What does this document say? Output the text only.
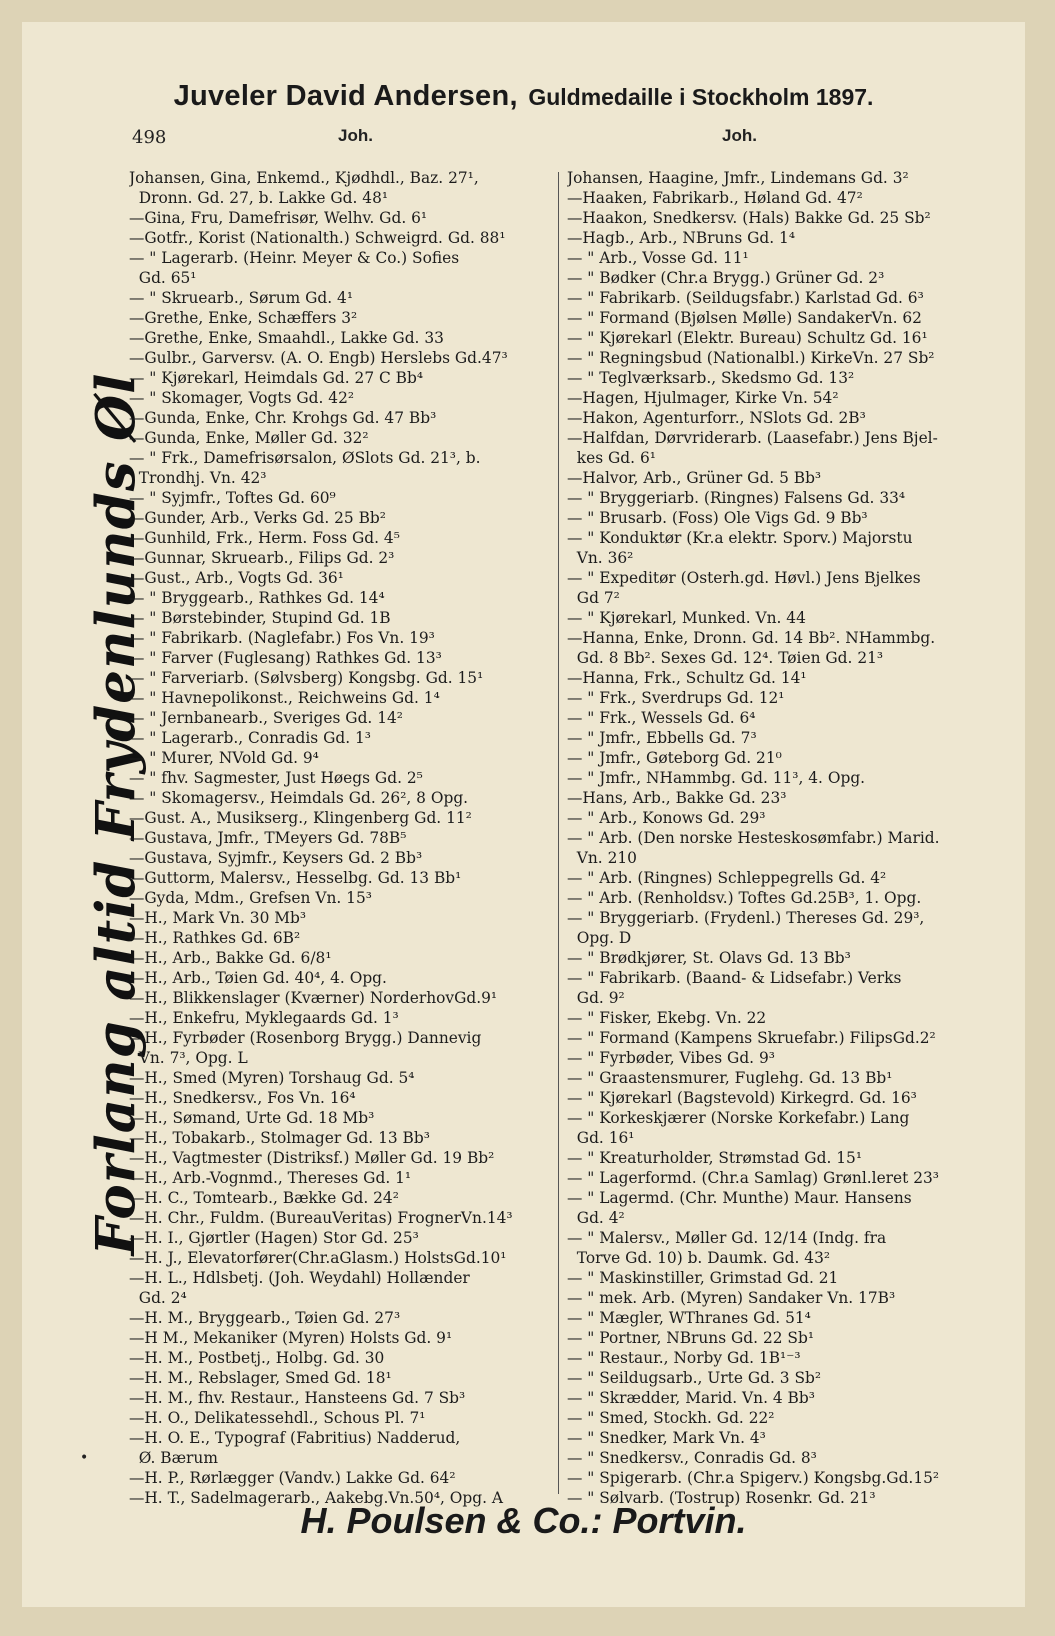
Juveler David Andersen, Guldmedaille i Stockholm 1897.
498	Joh.	Joh.
Forlang altid Frydenlunds Øl
Johansen, Gina, Enkemd., Kjødhdl., Baz. 27¹,
Dronn. Gd. 27, b. Lakke Gd. 48¹
—Gina, Fru, Damefrisør, Welhv. Gd. 6¹
—Gotfr., Korist (Nationalth.) Schweigrd. Gd. 88¹
— " Lagerarb. (Heinr. Meyer & Co.) Sofies
Gd. 65¹
— " Skruearb., Sørum Gd. 4¹
—Grethe, Enke, Schæffers 3²
—Grethe, Enke, Smaahdl., Lakke Gd. 33
—Gulbr., Garversv. (A. O. Engb) Herslebs Gd.47³
— " Kjørekarl, Heimdals Gd. 27 C Bb⁴
— " Skomager, Vogts Gd. 42²
—Gunda, Enke, Chr. Krohgs Gd. 47 Bb³
—Gunda, Enke, Møller Gd. 32²
— " Frk., Damefrisørsalon, ØSlots Gd. 21³, b.
Trondhj. Vn. 42³
— " Syjmfr., Toftes Gd. 60⁹
—Gunder, Arb., Verks Gd. 25 Bb²
—Gunhild, Frk., Herm. Foss Gd. 4⁵
—Gunnar, Skruearb., Filips Gd. 2³
—Gust., Arb., Vogts Gd. 36¹
— " Bryggearb., Rathkes Gd. 14⁴
— " Børstebinder, Stupind Gd. 1B
— " Fabrikarb. (Naglefabr.) Fos Vn. 19³
— " Farver (Fuglesang) Rathkes Gd. 13³
— " Farveriarb. (Sølvsberg) Kongsbg. Gd. 15¹
— " Havnepolikonst., Reichweins Gd. 1⁴
— " Jernbanearb., Sveriges Gd. 14²
— " Lagerarb., Conradis Gd. 1³
— " Murer, NVold Gd. 9⁴
— " fhv. Sagmester, Just Høegs Gd. 2⁵
— " Skomagersv., Heimdals Gd. 26², 8 Opg.
—Gust. A., Musikserg., Klingenberg Gd. 11²
—Gustava, Jmfr., TMeyers Gd. 78B⁵
—Gustava, Syjmfr., Keysers Gd. 2 Bb³
—Guttorm, Malersv., Hesselbg. Gd. 13 Bb¹
—Gyda, Mdm., Grefsen Vn. 15³
—H., Mark Vn. 30 Mb³
—H., Rathkes Gd. 6B²
—H., Arb., Bakke Gd. 6/8¹
—H., Arb., Tøien Gd. 40⁴, 4. Opg.
—H., Blikkenslager (Kværner) NorderhovGd.9¹
—H., Enkefru, Myklegaards Gd. 1³
—H., Fyrbøder (Rosenborg Brygg.) Dannevig
Vn. 7³, Opg. L
—H., Smed (Myren) Torshaug Gd. 5⁴
—H., Snedkersv., Fos Vn. 16⁴
—H., Sømand, Urte Gd. 18 Mb³
—H., Tobakarb., Stolmager Gd. 13 Bb³
—H., Vagtmester (Distriksf.) Møller Gd. 19 Bb²
—H., Arb.-Vognmd., Thereses Gd. 1¹
—H. C., Tomtearb., Bække Gd. 24²
—H. Chr., Fuldm. (BureauVeritas) FrognerVn.14³
—H. I., Gjørtler (Hagen) Stor Gd. 25³
—H. J., Elevatorfører(Chr.aGlasm.) HolstsGd.10¹
—H. L., Hdlsbetj. (Joh. Weydahl) Hollænder
Gd. 2⁴
—H. M., Bryggearb., Tøien Gd. 27³
—H M., Mekaniker (Myren) Holsts Gd. 9¹
—H. M., Postbetj., Holbg. Gd. 30
—H. M., Rebslager, Smed Gd. 18¹
—H. M., fhv. Restaur., Hansteens Gd. 7 Sb³
—H. O., Delikatessehdl., Schous Pl. 7¹
—H. O. E., Typograf (Fabritius) Nadderud,
Ø. Bærum
—H. P., Rørlægger (Vandv.) Lakke Gd. 64²
—H. T., Sadelmagerarb., Aakebg.Vn.50⁴, Opg. A
Johansen, Haagine, Jmfr., Lindemans Gd. 3²
—Haaken, Fabrikarb., Høland Gd. 47²
—Haakon, Snedkersv. (Hals) Bakke Gd. 25 Sb²
—Hagb., Arb., NBruns Gd. 1⁴
— " Arb., Vosse Gd. 11¹
— " Bødker (Chr.a Brygg.) Grüner Gd. 2³
— " Fabrikarb. (Seildugsfabr.) Karlstad Gd. 6³
— " Formand (Bjølsen Mølle) SandakerVn. 62
— " Kjørekarl (Elektr. Bureau) Schultz Gd. 16¹
— " Regningsbud (Nationalbl.) KirkeVn. 27 Sb²
— " Teglværksarb., Skedsmo Gd. 13²
—Hagen, Hjulmager, Kirke Vn. 54²
—Hakon, Agenturforr., NSlots Gd. 2B³
—Halfdan, Dørvriderarb. (Laasefabr.) Jens Bjel-
kes Gd. 6¹
—Halvor, Arb., Grüner Gd. 5 Bb³
— " Bryggeriarb. (Ringnes) Falsens Gd. 33⁴
— " Brusarb. (Foss) Ole Vigs Gd. 9 Bb³
— " Konduktør (Kr.a elektr. Sporv.) Majorstu
Vn. 36²
— " Expeditør (Osterh.gd. Høvl.) Jens Bjelkes
Gd 7²
— " Kjørekarl, Munked. Vn. 44
—Hanna, Enke, Dronn. Gd. 14 Bb². NHammbg.
Gd. 8 Bb². Sexes Gd. 12⁴. Tøien Gd. 21³
—Hanna, Frk., Schultz Gd. 14¹
— " Frk., Sverdrups Gd. 12¹
— " Frk., Wessels Gd. 6⁴
— " Jmfr., Ebbells Gd. 7³
— " Jmfr., Gøteborg Gd. 21⁰
— " Jmfr., NHammbg. Gd. 11³, 4. Opg.
—Hans, Arb., Bakke Gd. 23³
— " Arb., Konows Gd. 29³
— " Arb. (Den norske Hesteskosømfabr.) Marid.
Vn. 210
— " Arb. (Ringnes) Schleppegrells Gd. 4²
— " Arb. (Renholdsv.) Toftes Gd.25B³, 1. Opg.
— " Bryggeriarb. (Frydenl.) Thereses Gd. 29³,
Opg. D
— " Brødkjører, St. Olavs Gd. 13 Bb³
— " Fabrikarb. (Baand- & Lidsefabr.) Verks
Gd. 9²
— " Fisker, Ekebg. Vn. 22
— " Formand (Kampens Skruefabr.) FilipsGd.2²
— " Fyrbøder, Vibes Gd. 9³
— " Graastensmurer, Fuglehg. Gd. 13 Bb¹
— " Kjørekarl (Bagstevold) Kirkegrd. Gd. 16³
— " Korkeskjærer (Norske Korkefabr.) Lang
Gd. 16¹
— " Kreaturholder, Strømstad Gd. 15¹
— " Lagerformd. (Chr.a Samlag) Grønl.leret 23³
— " Lagermd. (Chr. Munthe) Maur. Hansens
Gd. 4²
— " Malersv., Møller Gd. 12/14 (Indg. fra
Torve Gd. 10) b. Daumk. Gd. 43²
— " Maskinstiller, Grimstad Gd. 21
— " mek. Arb. (Myren) Sandaker Vn. 17B³
— " Mægler, WThranes Gd. 51⁴
— " Portner, NBruns Gd. 22 Sb¹
— " Restaur., Norby Gd. 1B¹⁻³
— " Seildugsarb., Urte Gd. 3 Sb²
— " Skrædder, Marid. Vn. 4 Bb³
— " Smed, Stockh. Gd. 22²
— " Snedker, Mark Vn. 4³
— " Snedkersv., Conradis Gd. 8³
— " Spigerarb. (Chr.a Spigerv.) Kongsbg.Gd.15²
— " Sølvarb. (Tostrup) Rosenkr. Gd. 21³
•
H. Poulsen & Co.: Portvin.
